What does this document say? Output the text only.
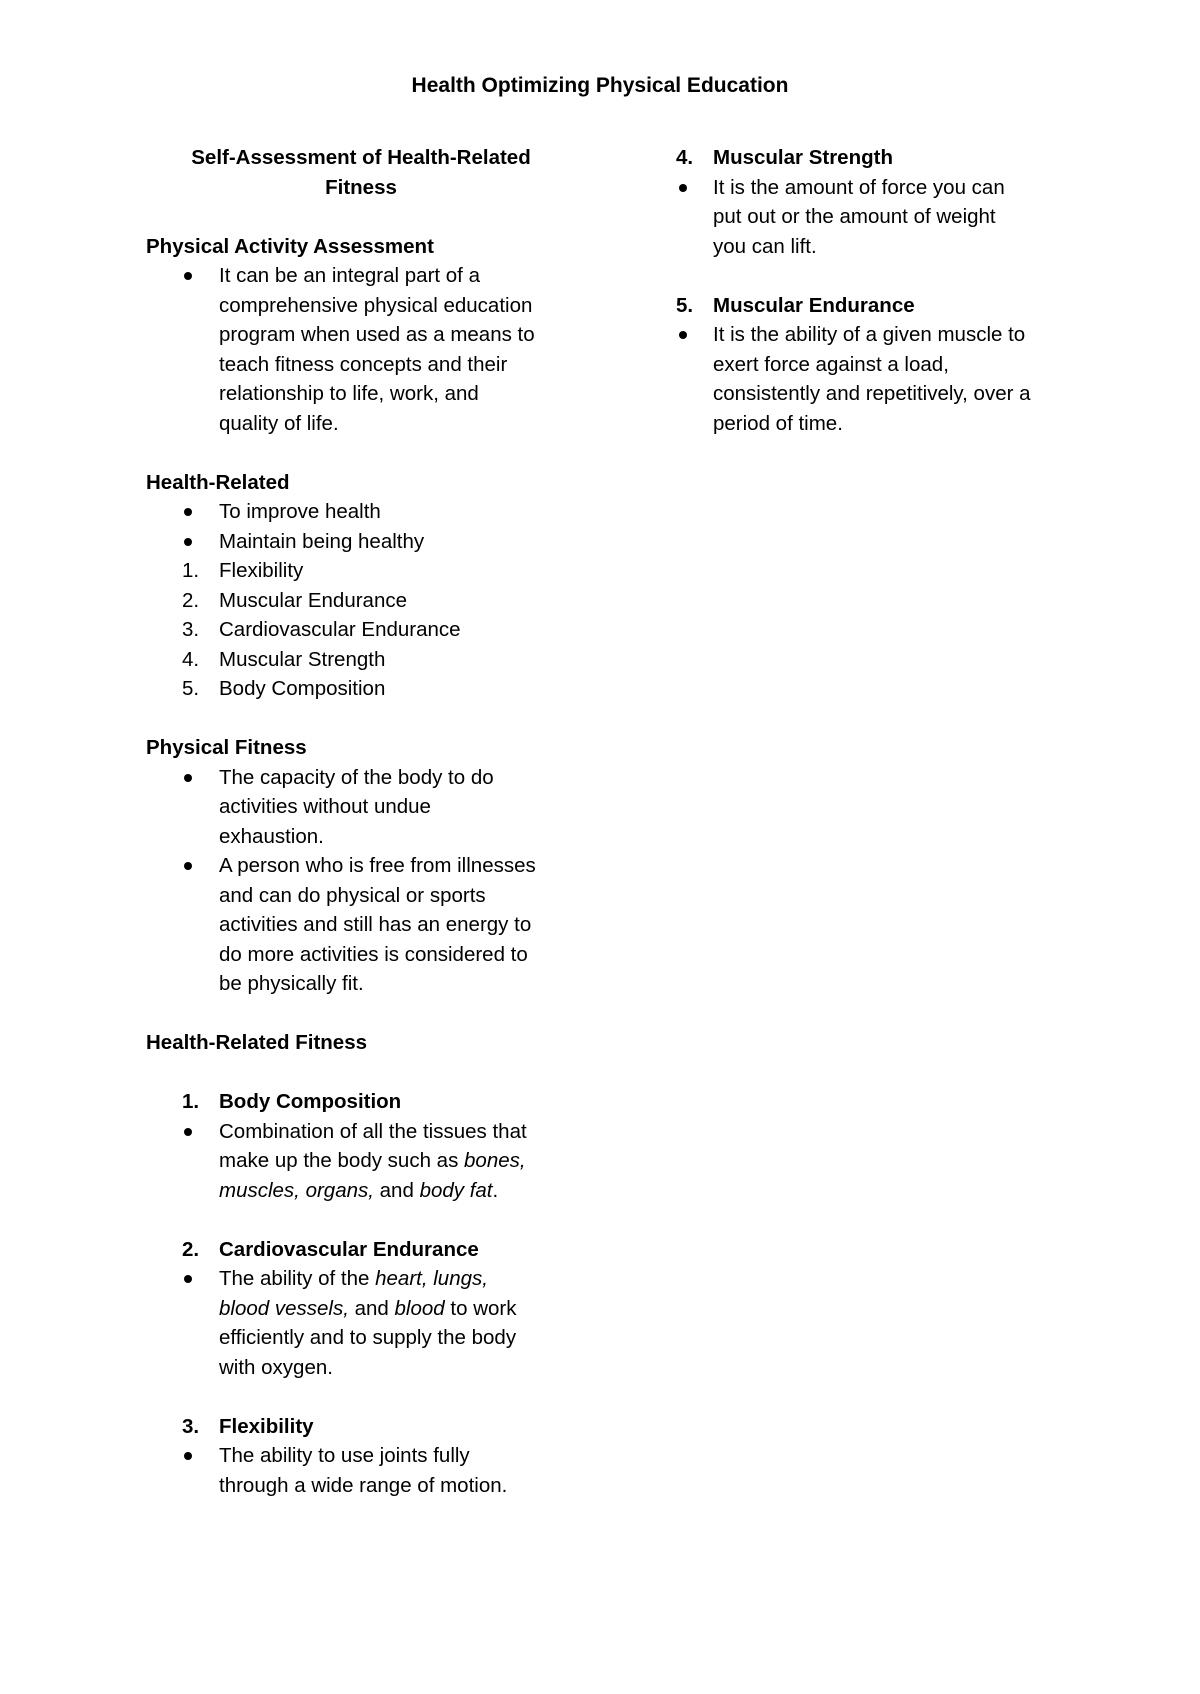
Health Optimizing Physical Education
Self-Assessment of Health-Related
Fitness
Physical Activity Assessment
It can be an integral part of a
comprehensive physical education
program when used as a means to
teach fitness concepts and their
relationship to life, work, and
quality of life.
Health-Related
To improve health
Maintain being healthy
1. Flexibility
2. Muscular Endurance
3. Cardiovascular Endurance
4. Muscular Strength
5. Body Composition
Physical Fitness
The capacity of the body to do
activities without undue
exhaustion.
A person who is free from illnesses
and can do physical or sports
activities and still has an energy to
do more activities is considered to
be physically fit.
Health-Related Fitness
1. Body Composition
Combination of all the tissues that
make up the body such as bones,
muscles, organs, and body fat.
2. Cardiovascular Endurance
The ability of the heart, lungs,
blood vessels, and blood to work
efficiently and to supply the body
with oxygen.
3. Flexibility
The ability to use joints fully
through a wide range of motion.
4. Muscular Strength
It is the amount of force you can
put out or the amount of weight
you can lift.
5. Muscular Endurance
It is the ability of a given muscle to
exert force against a load,
consistently and repetitively, over a
period of time.
